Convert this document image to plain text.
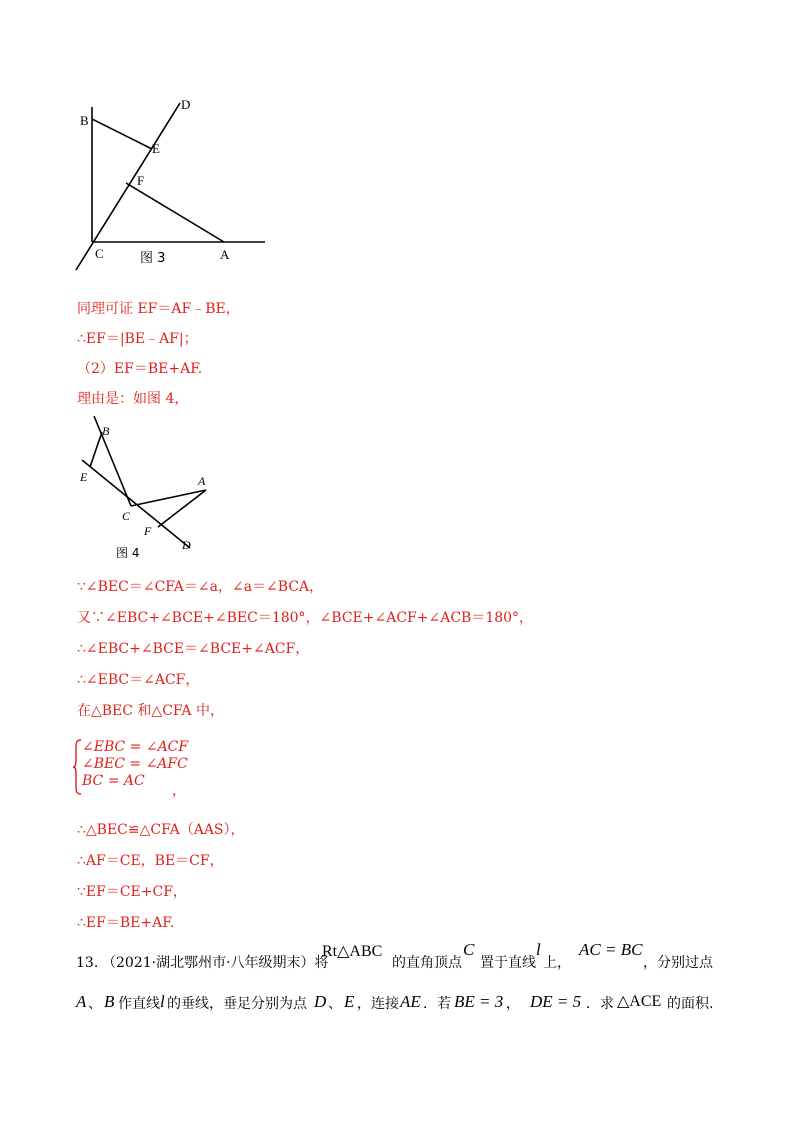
B
D
E
F
C	A
图 3
同理可证 EF＝AF﹣BE，
∴EF＝|BE﹣AF|；
（2）EF＝BE+AF.
理由是：如图 4，
B
E	A
C
F
D
图 4
∵∠BEC＝∠CFA＝∠a，∠a＝∠BCA，
又∵∠EBC+∠BCE+∠BEC＝180°，∠BCE+∠ACF+∠ACB＝180°，
∴∠EBC+∠BCE＝∠BCE+∠ACF，
∴∠EBC＝∠ACF，
在△BEC 和△CFA 中，
∠EBC = ∠ACF
∠BEC = ∠AFC
BC = AC
，
∴△BEC≌△CFA（AAS），
∴AF＝CE，BE＝CF，
∵EF＝CE+CF，
∴EF＝BE+AF.
13. （2021·湖北鄂州市·八年级期末）将
Rt△ABC
的直角顶点
C
置于直线
l
上，
AC = BC
，分别过点
A 、 B 作直线 l 的垂线，垂足分别为点 D 、 E ，连接 AE ．若 BE = 3 ， DE = 5 ．求 △ACE 的面积.
